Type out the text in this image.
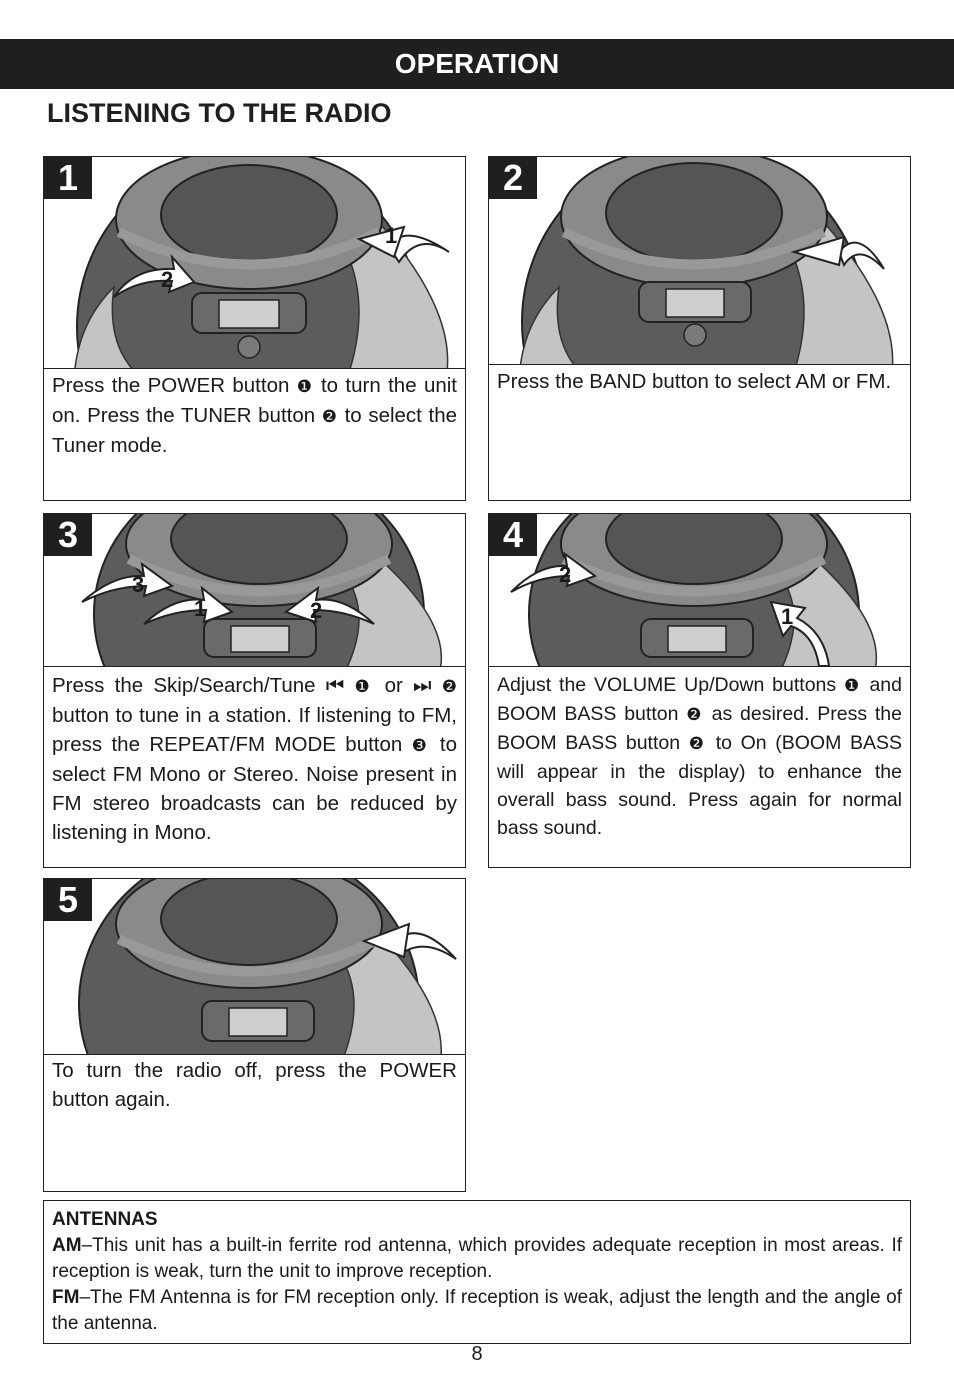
OPERATION
LISTENING TO THE RADIO
1
2
1
Press the POWER button ❶ to turn the unit on. Press the TUNER button ❷ to select the Tuner mode.
2
Press the BAND button to select AM or FM.
3
1	2
3
Press the Skip/Search/Tune ⏮ ❶ or ⏭ ❷ button to tune in a station. If listening to FM, press the REPEAT/FM MODE button ❸ to select FM Mono or Stereo. Noise present in FM stereo broadcasts can be reduced by listening in Mono.
2
1
4
Adjust the VOLUME Up/Down buttons ❶ and BOOM BASS button ❷ as desired. Press the BOOM BASS button ❷ to On (BOOM BASS will appear in the display) to enhance the overall bass sound. Press again for normal bass sound.
5
To turn the radio off, press the POWER button again.
ANTENNAS
AM–This unit has a built-in ferrite rod antenna, which provides adequate reception in most areas. If reception is weak, turn the unit to improve reception.
FM–The FM Antenna is for FM reception only. If reception is weak, adjust the length and the angle of the antenna.
8
